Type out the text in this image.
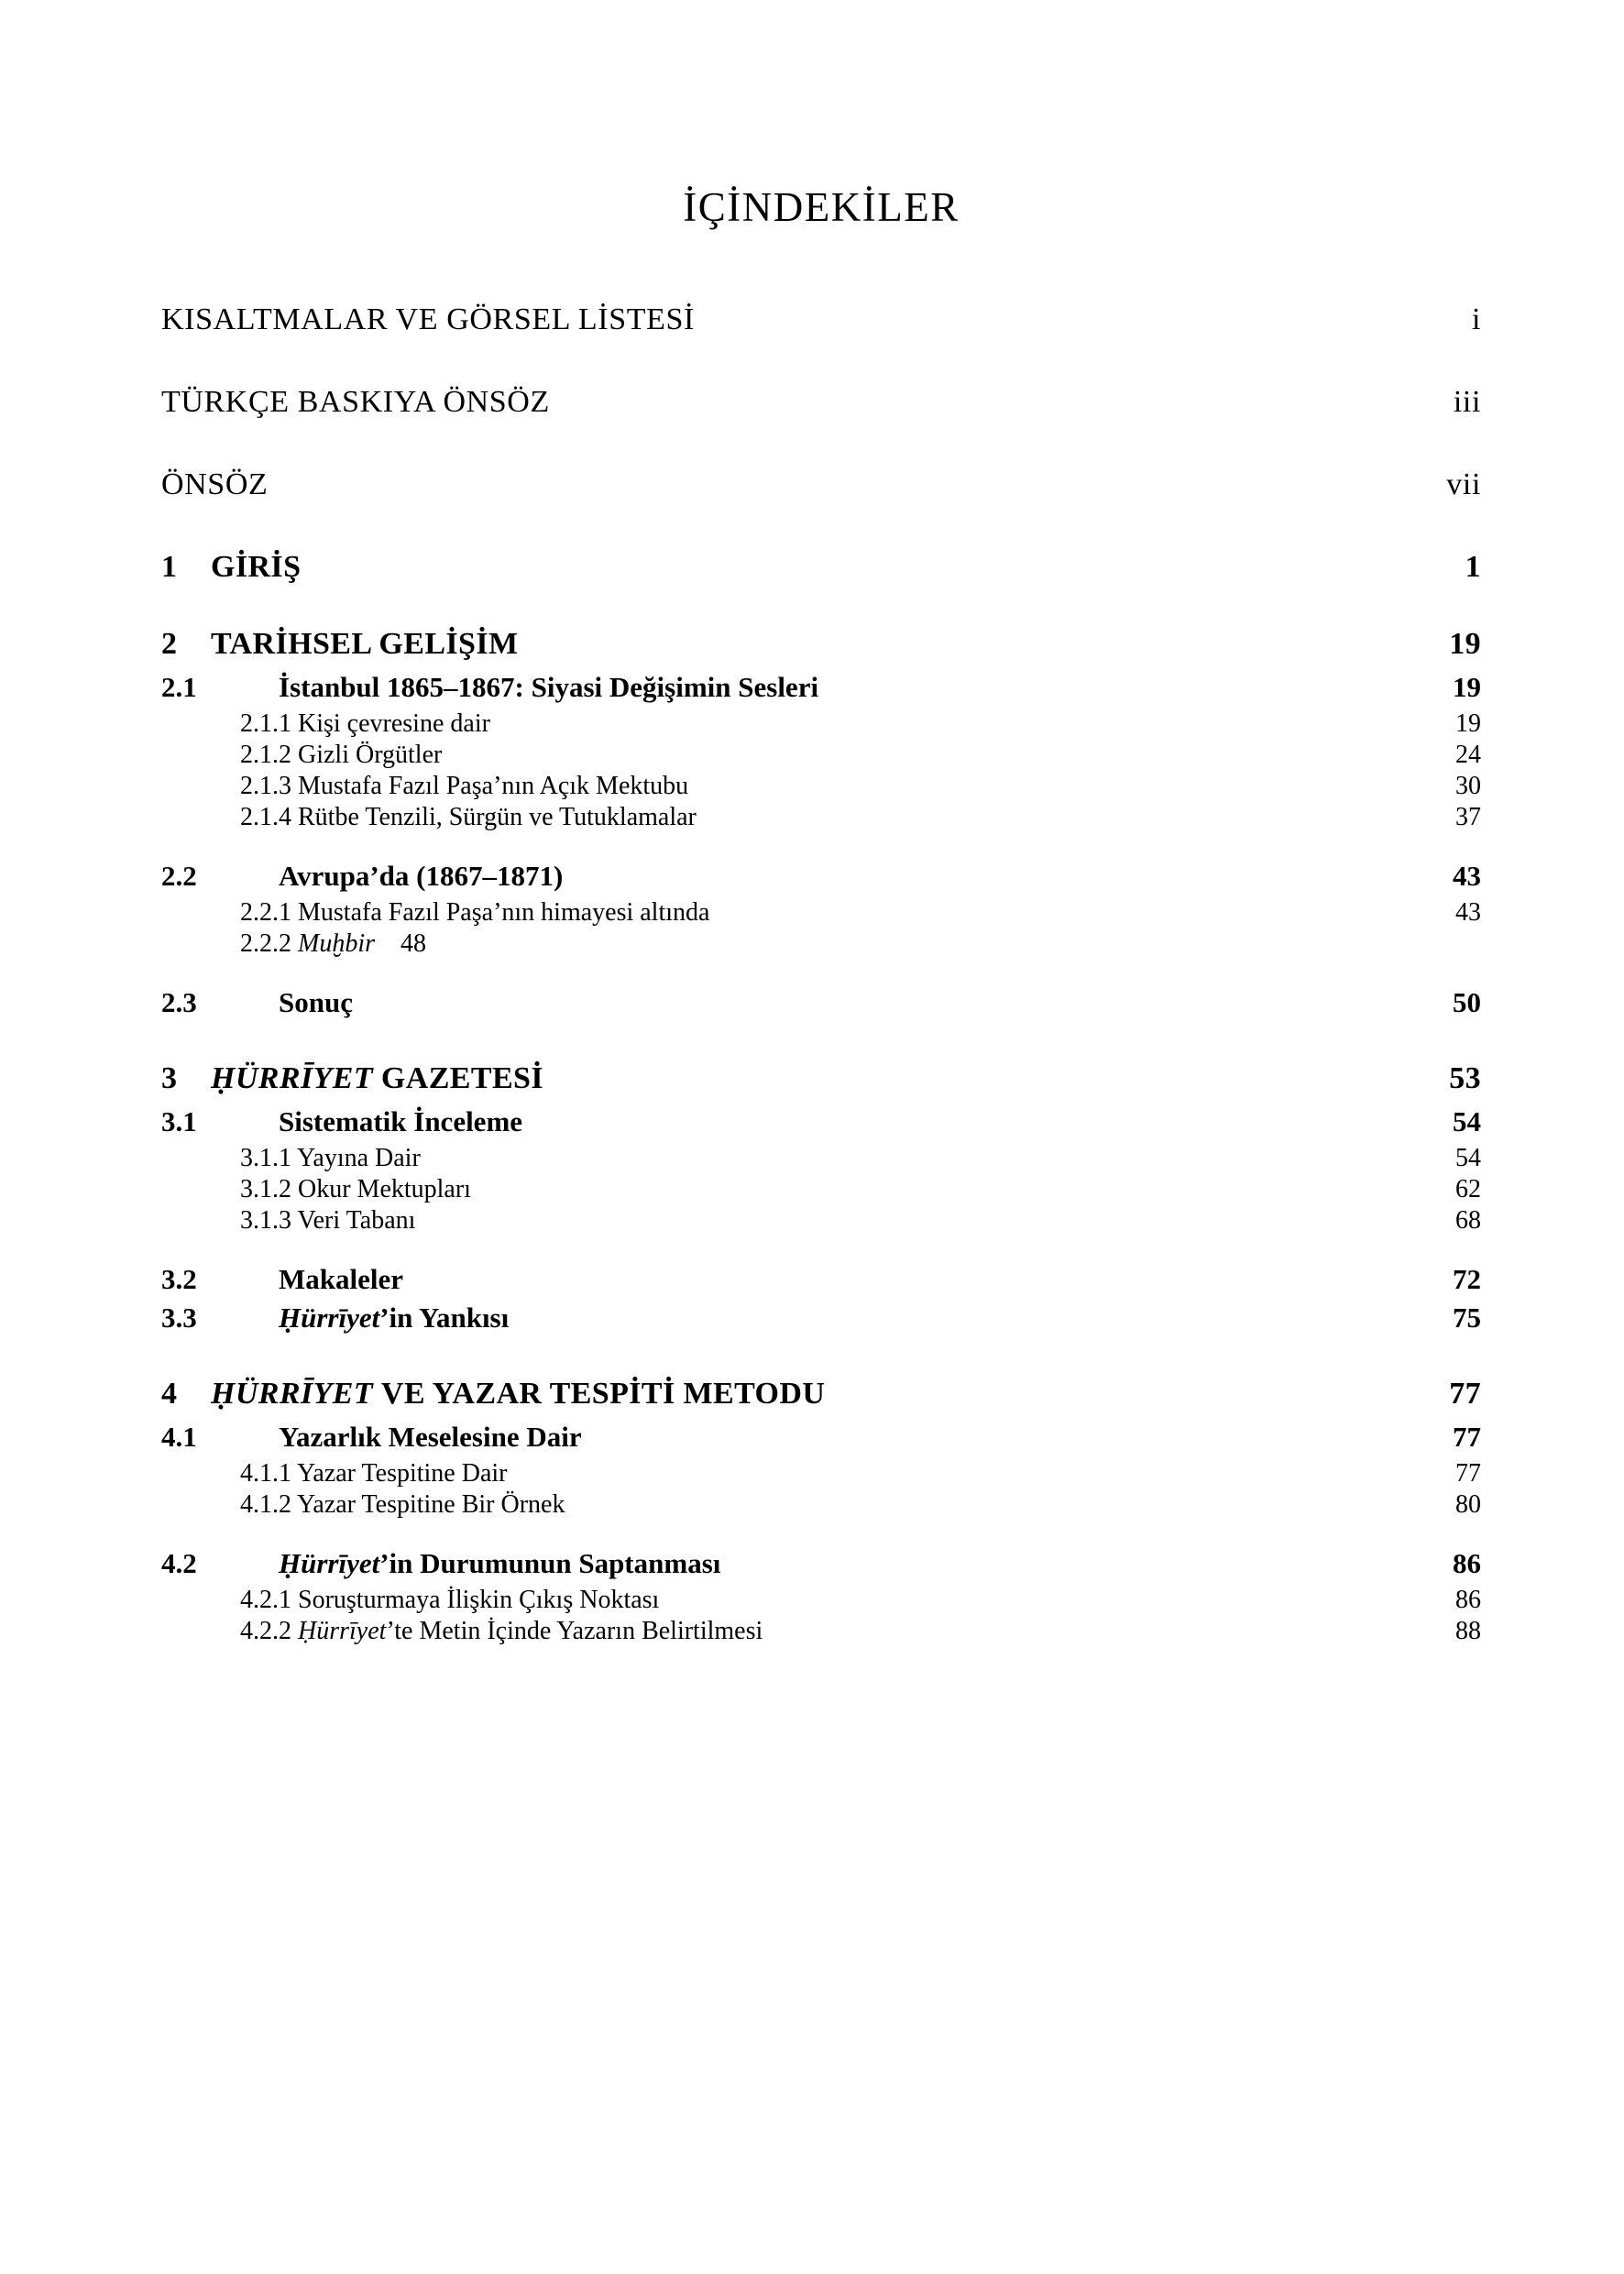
İÇİNDEKİLER
KISALTMALAR VE GÖRSEL LİSTESİ	i
TÜRKÇE BASKIYA ÖNSÖZ	iii
ÖNSÖZ	vii
1 GİRİŞ	1
2 TARİHSEL GELİŞİM	19
2.1	İstanbul 1865–1867: Siyasi Değişimin Sesleri	19
2.1.1 Kişi çevresine dair	19
2.1.2 Gizli Örgütler	24
2.1.3 Mustafa Fazıl Paşa’nın Açık Mektubu	30
2.1.4 Rütbe Tenzili, Sürgün ve Tutuklamalar	37
2.2	Avrupa’da (1867–1871)	43
2.2.1 Mustafa Fazıl Paşa’nın himayesi altında	43
2.2.2 Muḫbir 48
2.3	Sonuç	50
3 ḤÜRRĪYET GAZETESİ	53
3.1	Sistematik İnceleme	54
3.1.1 Yayına Dair	54
3.1.2 Okur Mektupları	62
3.1.3 Veri Tabanı	68
3.2	Makaleler	72
3.3	Ḥürrīyet’in Yankısı	75
4 ḤÜRRĪYET VE YAZAR TESPİTİ METODU	77
4.1	Yazarlık Meselesine Dair	77
4.1.1 Yazar Tespitine Dair	77
4.1.2 Yazar Tespitine Bir Örnek	80
4.2	Ḥürrīyet’in Durumunun Saptanması	86
4.2.1 Soruşturmaya İlişkin Çıkış Noktası	86
4.2.2 Ḥürrīyet’te Metin İçinde Yazarın Belirtilmesi	88
